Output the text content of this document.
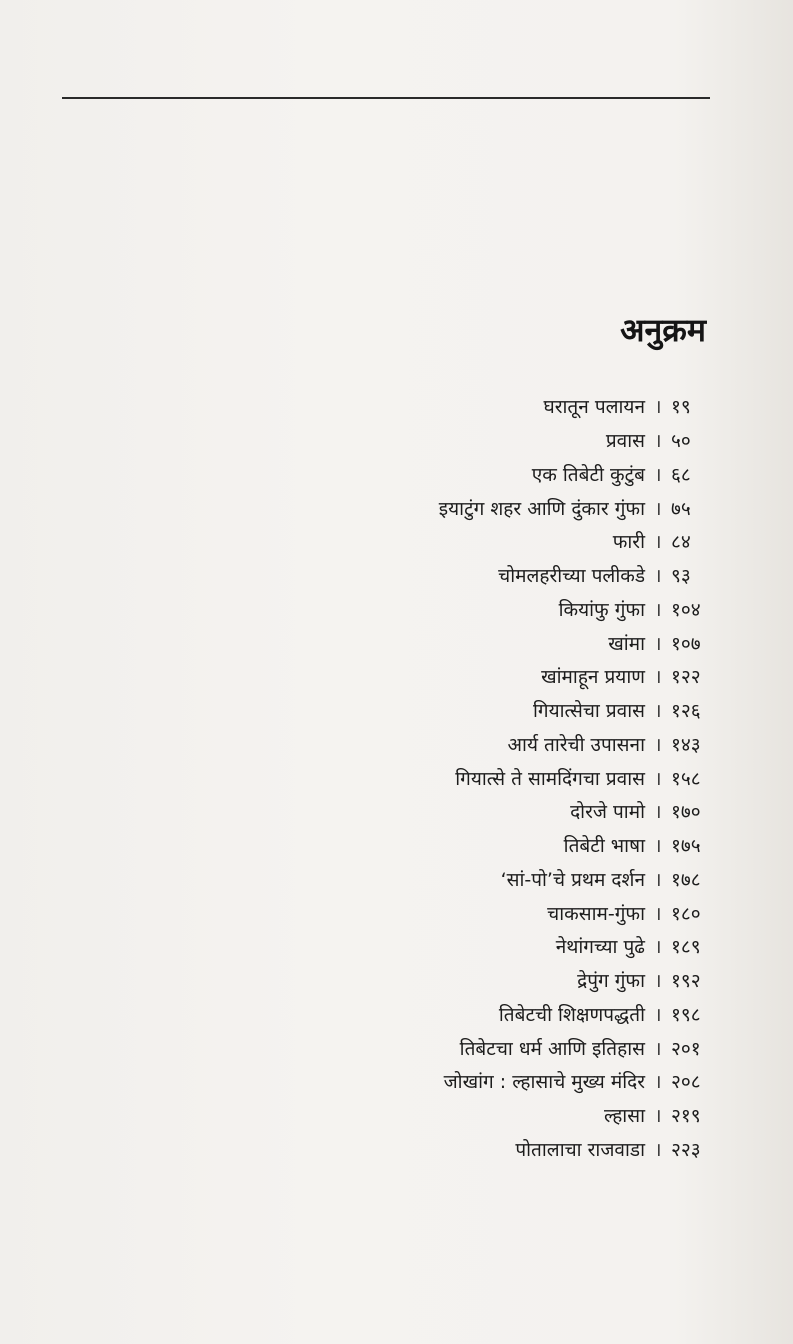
अनुक्रम
घरातून पलायन । १९
प्रवास । ५०
एक तिबेटी कुटुंब । ६८
इयाटुंग शहर आणि दुंकार गुंफा । ७५
फारी । ८४
चोमलहरीच्या पलीकडे । ९३
कियांफु गुंफा । १०४
खांमा । १०७
खांमाहून प्रयाण । १२२
गियात्सेचा प्रवास । १२६
आर्य तारेची उपासना । १४३
गियात्से ते सामदिंगचा प्रवास । १५८
दोरजे पामो । १७०
तिबेटी भाषा । १७५
‘सां-पो’चे प्रथम दर्शन । १७८
चाकसाम-गुंफा । १८०
नेथांगच्या पुढे । १८९
द्रेपुंग गुंफा । १९२
तिबेटची शिक्षणपद्धती । १९८
तिबेटचा धर्म आणि इतिहास । २०१
जोखांग : ल्हासाचे मुख्य मंदिर । २०८
ल्हासा । २१९
पोतालाचा राजवाडा । २२३
